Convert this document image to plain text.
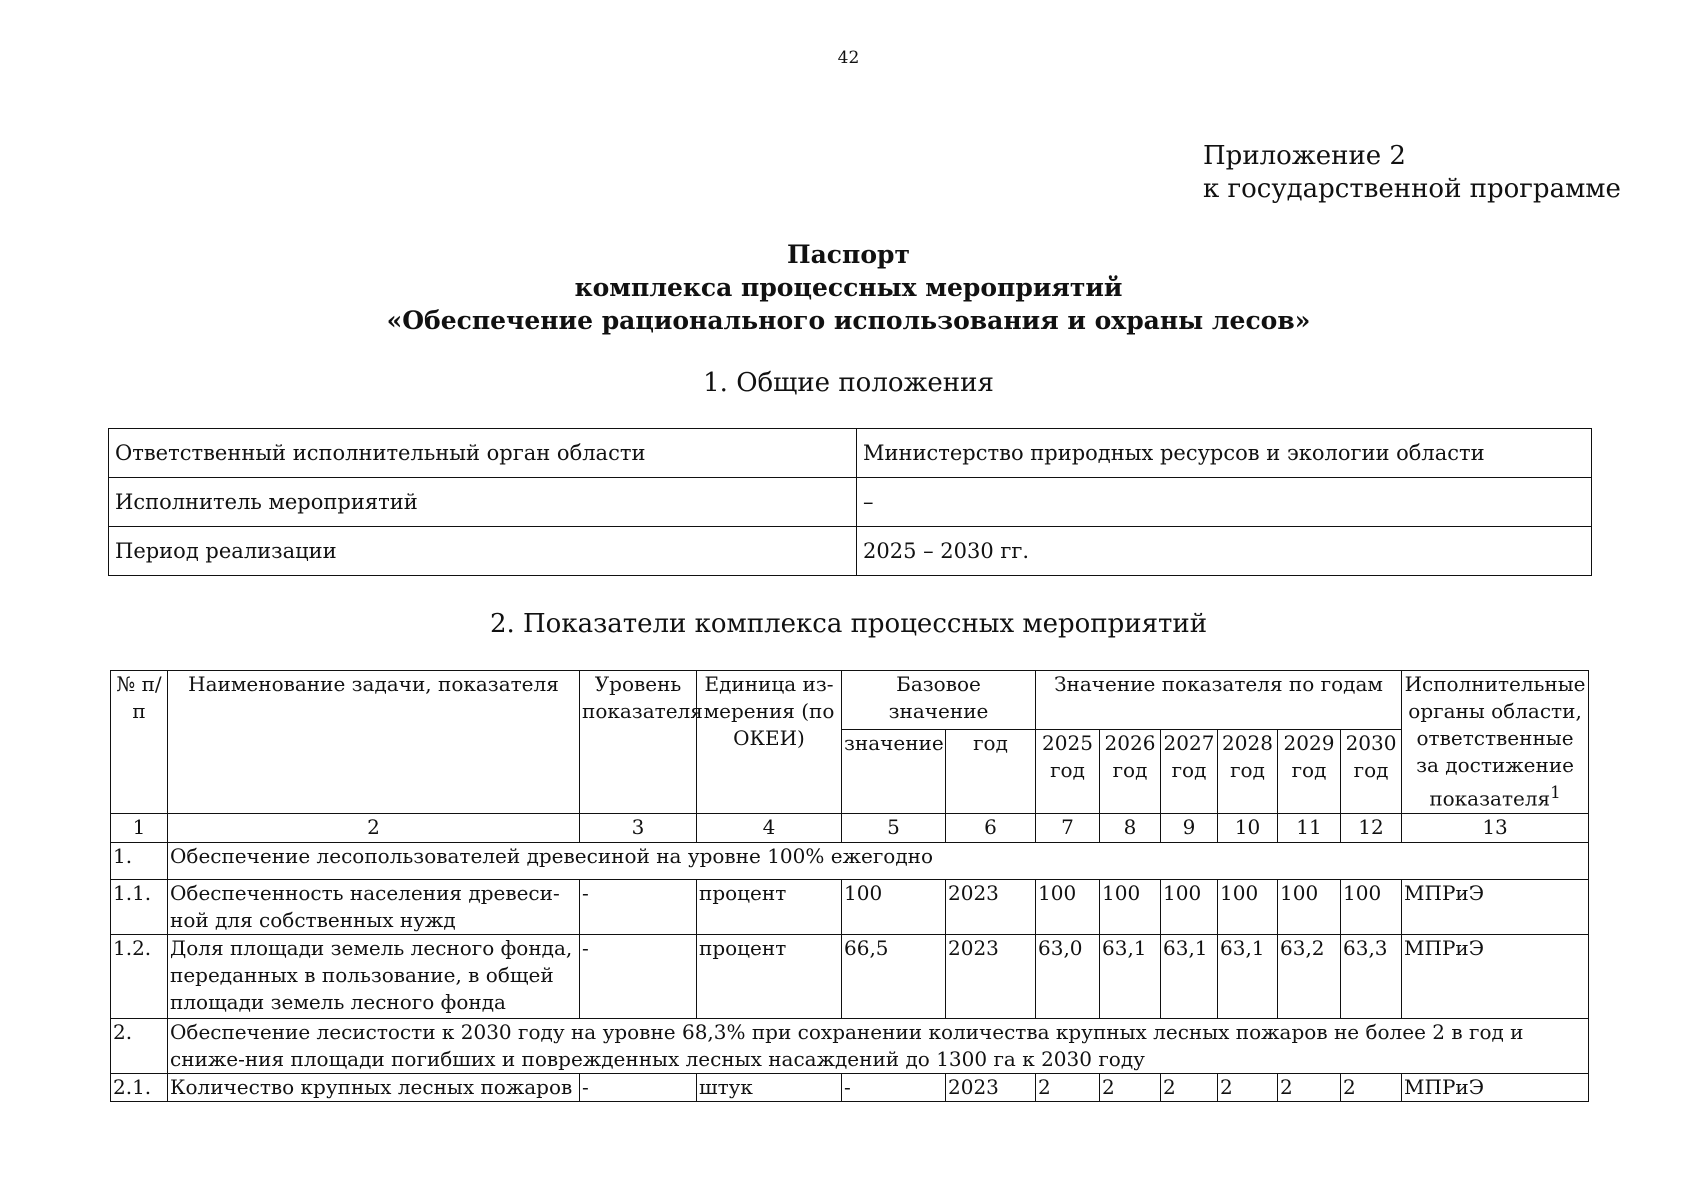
42
Приложение 2
к государственной программе
Паспорт
комплекса процессных мероприятий
«Обеспечение рационального использования и охраны лесов»
1. Общие положения
Ответственный исполнительный орган области	Министерство природных ресурсов и экологии области
Исполнитель мероприятий	–
Период реализации	2025 – 2030 гг.
2. Показатели комплекса процессных мероприятий
№ п/п	Наименование задачи, показателя	Уровень показателя	Единица из-мерения (по ОКЕИ)	Базовое значение		Значение показателя по годам						Исполнительные органы области, ответственные за достижение показателя$^1$
				значение	год	2025 год	2026 год	2027 год	2028 год	2029 год	2030 год	
1	2	3	4	5	6	7	8	9	10	11	12	13
1.	Обеспечение лесопользователей древесиной на уровне 100% ежегодно											
1.1.	Обеспеченность населения древеси-ной для собственных нужд	-	процент	100	2023	100	100	100	100	100	100	МПРиЭ
1.2.	Доля площади земель лесного фонда, переданных в пользование, в общей площади земель лесного фонда	-	процент	66,5	2023	63,0	63,1	63,1	63,1	63,2	63,3	МПРиЭ
2.	Обеспечение лесистости к 2030 году на уровне 68,3% при сохранении количества крупных лесных пожаров не более 2 в год и сниже-ния площади погибших и поврежденных лесных насаждений до 1300 га к 2030 году											
2.1.	Количество крупных лесных пожаров	-	штук	-	2023	2	2	2	2	2	2	МПРиЭ
